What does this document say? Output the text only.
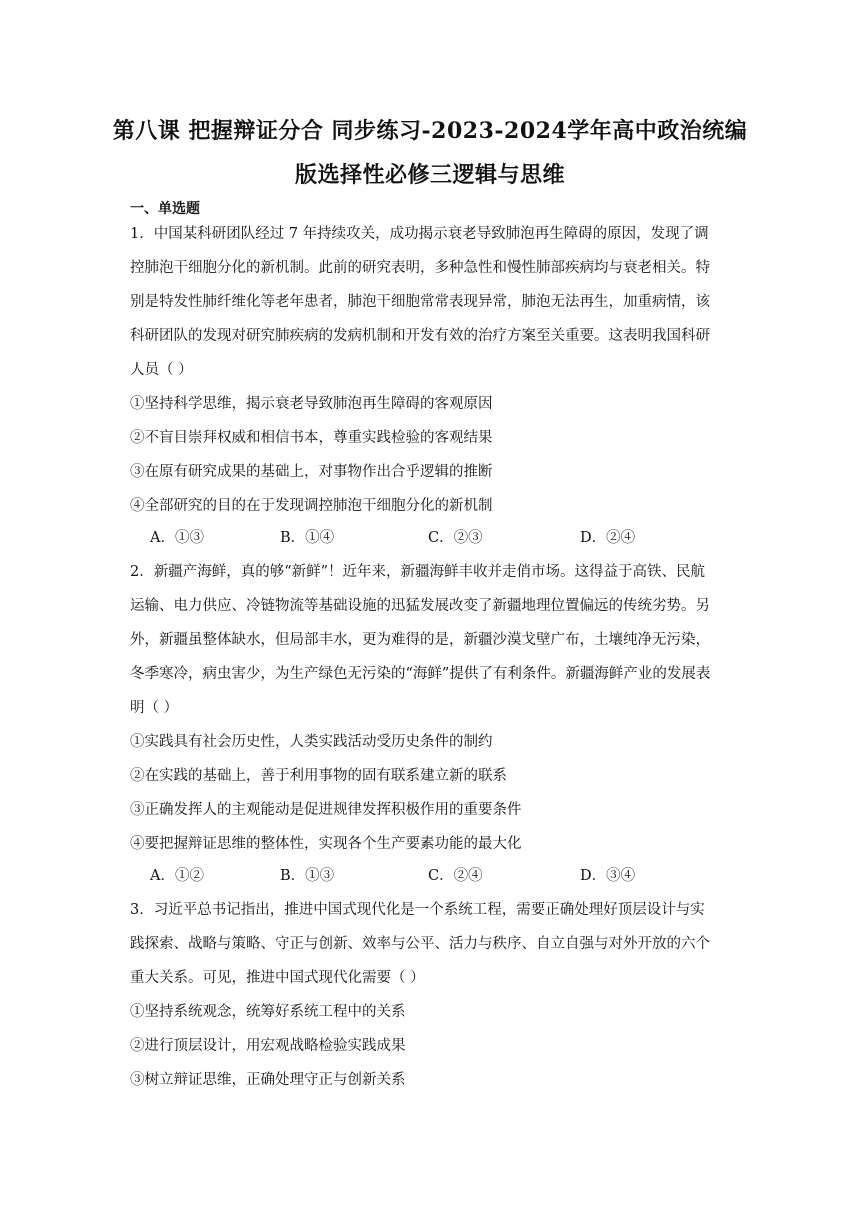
第八课 把握辩证分合 同步练习-2023-2024学年高中政治统编
版选择性必修三逻辑与思维
一、单选题
1．中国某科研团队经过 7 年持续攻关，成功揭示衰老导致肺泡再生障碍的原因，发现了调
控肺泡干细胞分化的新机制。此前的研究表明，多种急性和慢性肺部疾病均与衰老相关。特
别是特发性肺纤维化等老年患者，肺泡干细胞常常表现异常，肺泡无法再生，加重病情，该
科研团队的发现对研究肺疾病的发病机制和开发有效的治疗方案至关重要。这表明我国科研
人员（ ）
①坚持科学思维，揭示衰老导致肺泡再生障碍的客观原因
②不盲目崇拜权威和相信书本，尊重实践检验的客观结果
③在原有研究成果的基础上，对事物作出合乎逻辑的推断
④全部研究的目的在于发现调控肺泡干细胞分化的新机制
A．①③	B．①④	C．②③	D．②④
2．新疆产海鲜，真的够“新鲜”！近年来，新疆海鲜丰收并走俏市场。这得益于高铁、民航
运输、电力供应、冷链物流等基础设施的迅猛发展改变了新疆地理位置偏远的传统劣势。另
外，新疆虽整体缺水，但局部丰水，更为难得的是，新疆沙漠戈壁广布，土壤纯净无污染，
冬季寒冷，病虫害少，为生产绿色无污染的“海鲜”提供了有利条件。新疆海鲜产业的发展表
明（ ）
①实践具有社会历史性，人类实践活动受历史条件的制约
②在实践的基础上，善于利用事物的固有联系建立新的联系
③正确发挥人的主观能动是促进规律发挥积极作用的重要条件
④要把握辩证思维的整体性，实现各个生产要素功能的最大化
A．①②	B．①③	C．②④	D．③④
3．习近平总书记指出，推进中国式现代化是一个系统工程，需要正确处理好顶层设计与实
践探索、战略与策略、守正与创新、效率与公平、活力与秩序、自立自强与对外开放的六个
重大关系。可见，推进中国式现代化需要（ ）
①坚持系统观念，统筹好系统工程中的关系
②进行顶层设计，用宏观战略检验实践成果
③树立辩证思维，正确处理守正与创新关系
